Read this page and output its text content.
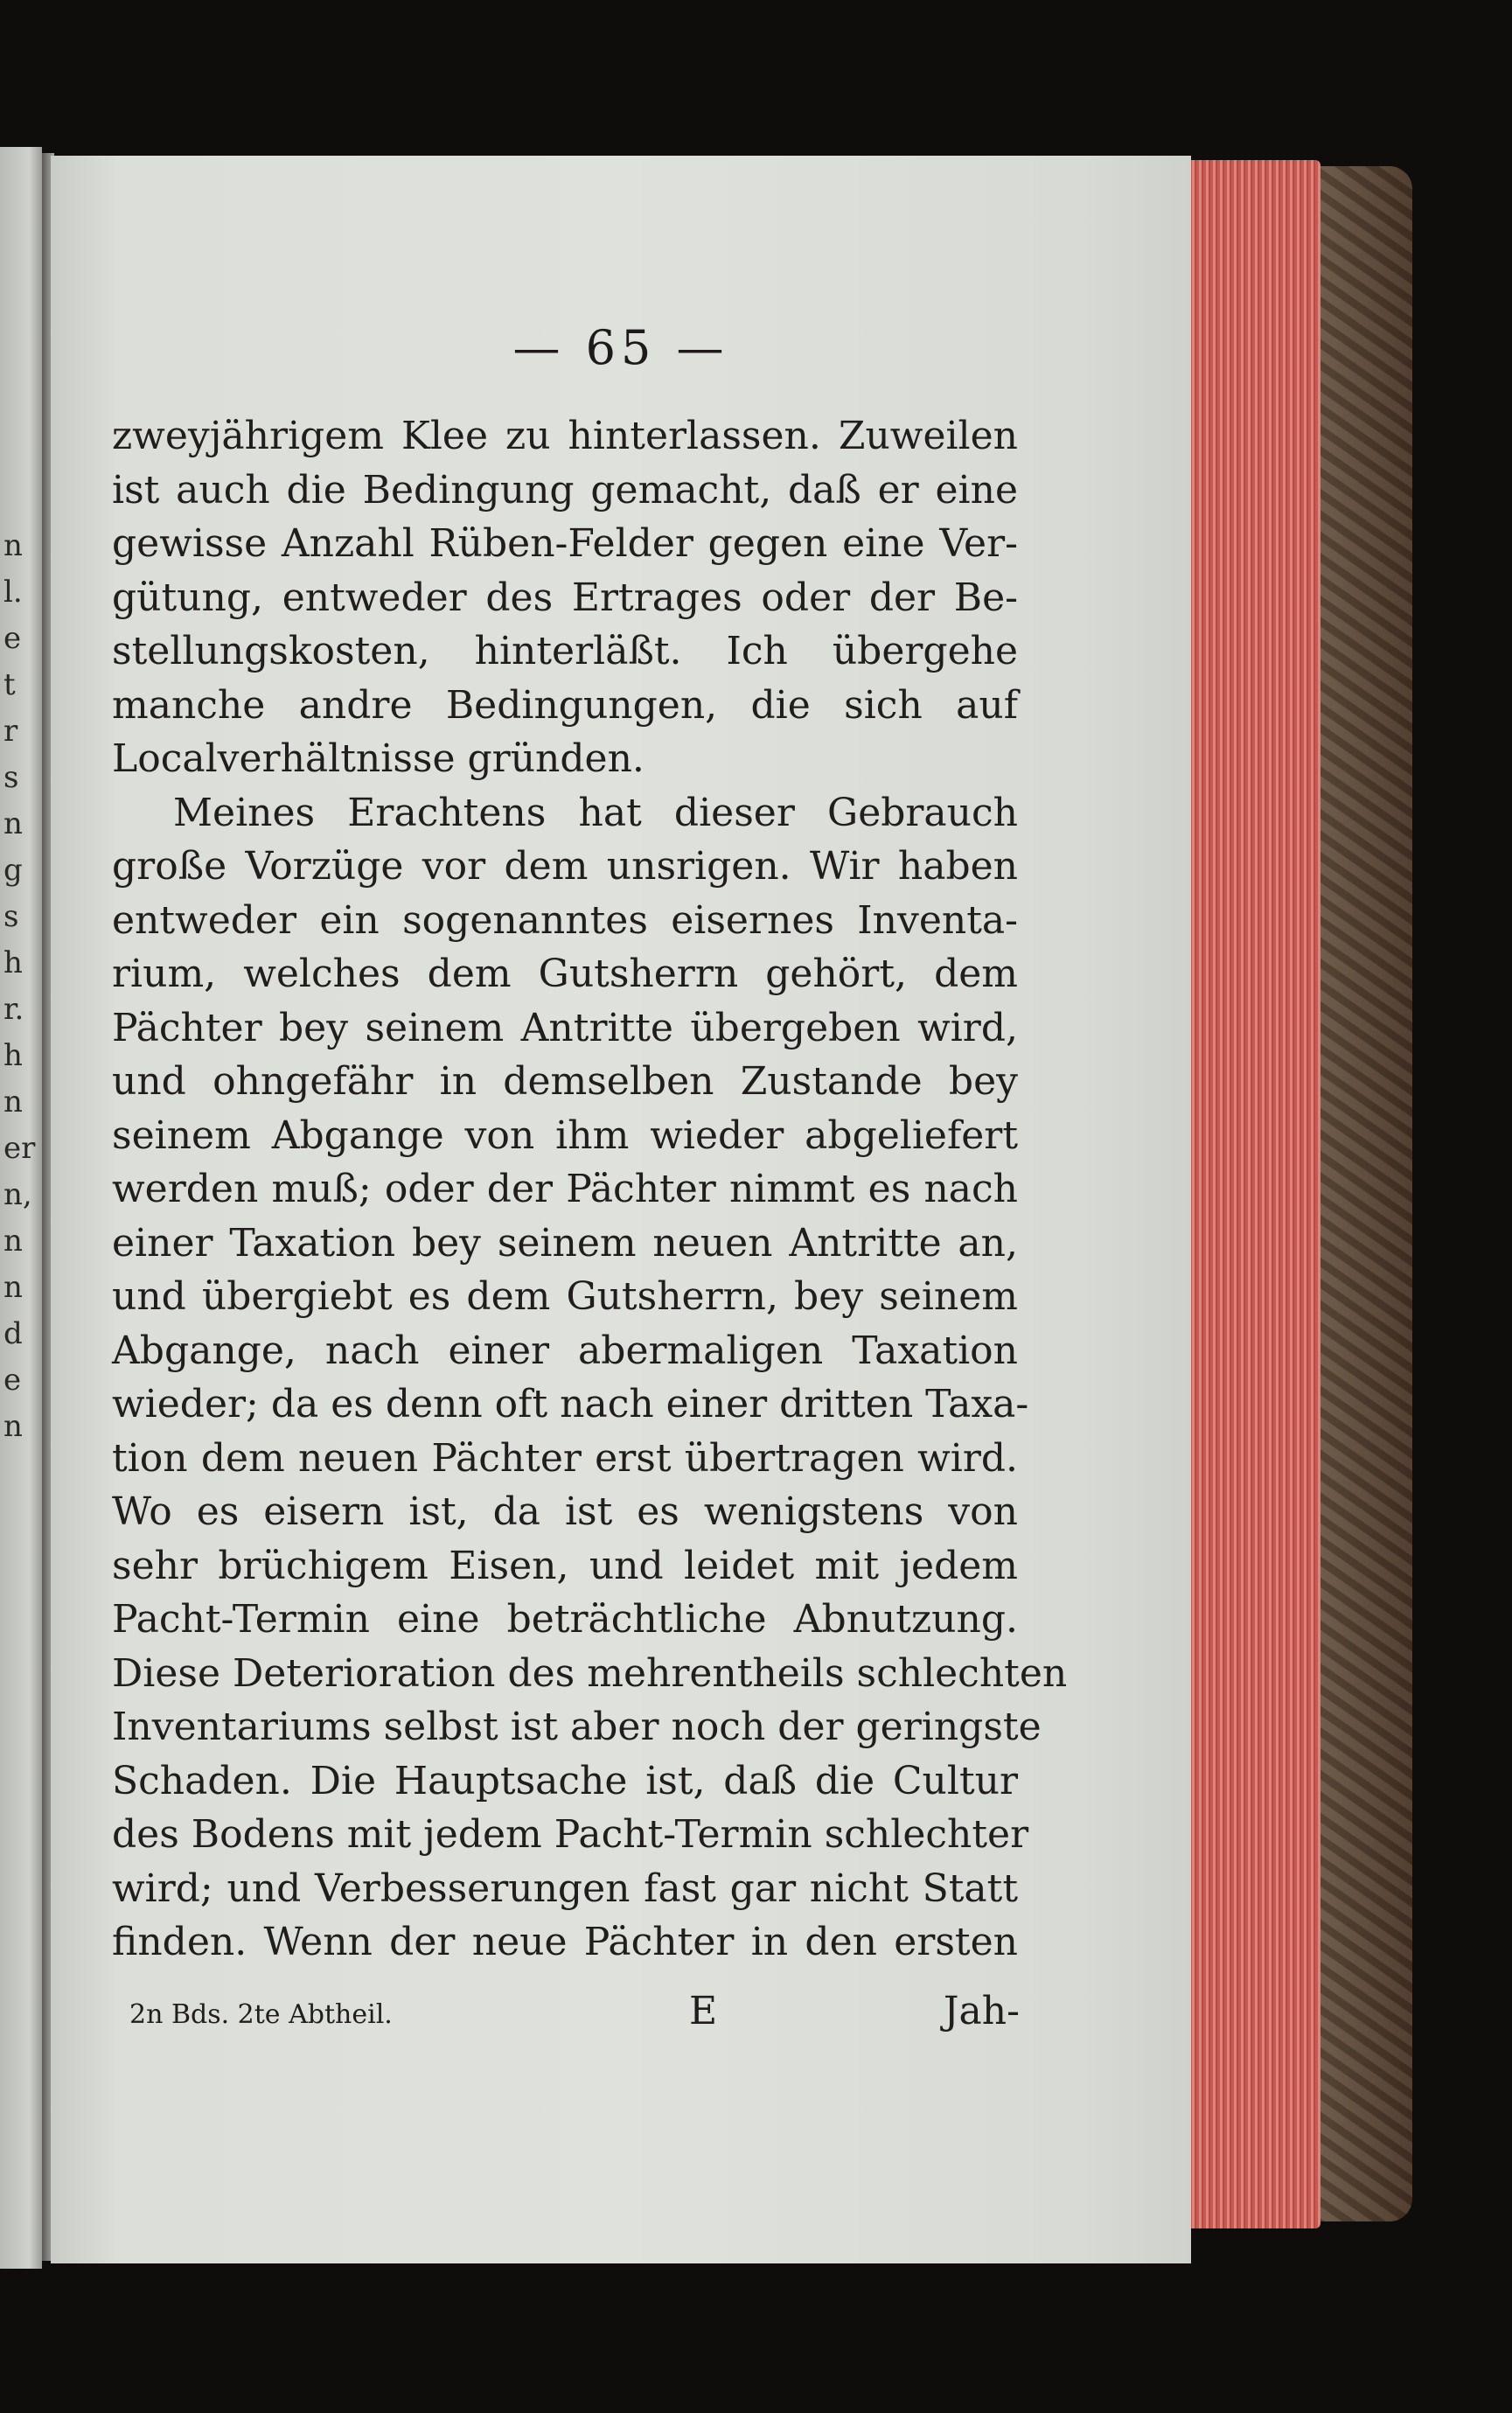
n
l.
e
t
r
s
n
g
s
h
r.
h
n
er
n,
n
n
d
e
n
— 65 —
zweyjährigem Klee zu hinterlassen. Zuweilen
ist auch die Bedingung gemacht, daß er eine
gewisse Anzahl Rüben-Felder gegen eine Ver-
gütung, entweder des Ertrages oder der Be-
stellungskosten, hinterläßt. Ich übergehe
manche andre Bedingungen, die sich auf
Localverhältnisse gründen.
Meines Erachtens hat dieser Gebrauch
große Vorzüge vor dem unsrigen. Wir haben
entweder ein sogenanntes eisernes Inventa-
rium, welches dem Gutsherrn gehört, dem
Pächter bey seinem Antritte übergeben wird,
und ohngefähr in demselben Zustande bey
seinem Abgange von ihm wieder abgeliefert
werden muß; oder der Pächter nimmt es nach
einer Taxation bey seinem neuen Antritte an,
und übergiebt es dem Gutsherrn, bey seinem
Abgange, nach einer abermaligen Taxation
wieder; da es denn oft nach einer dritten Taxa-
tion dem neuen Pächter erst übertragen wird.
Wo es eisern ist, da ist es wenigstens von
sehr brüchigem Eisen, und leidet mit jedem
Pacht-Termin eine beträchtliche Abnutzung.
Diese Deterioration des mehrentheils schlechten
Inventariums selbst ist aber noch der geringste
Schaden. Die Hauptsache ist, daß die Cultur
des Bodens mit jedem Pacht-Termin schlechter
wird; und Verbesserungen fast gar nicht Statt
finden. Wenn der neue Pächter in den ersten
2n Bds. 2te Abtheil.	E	Jah-
